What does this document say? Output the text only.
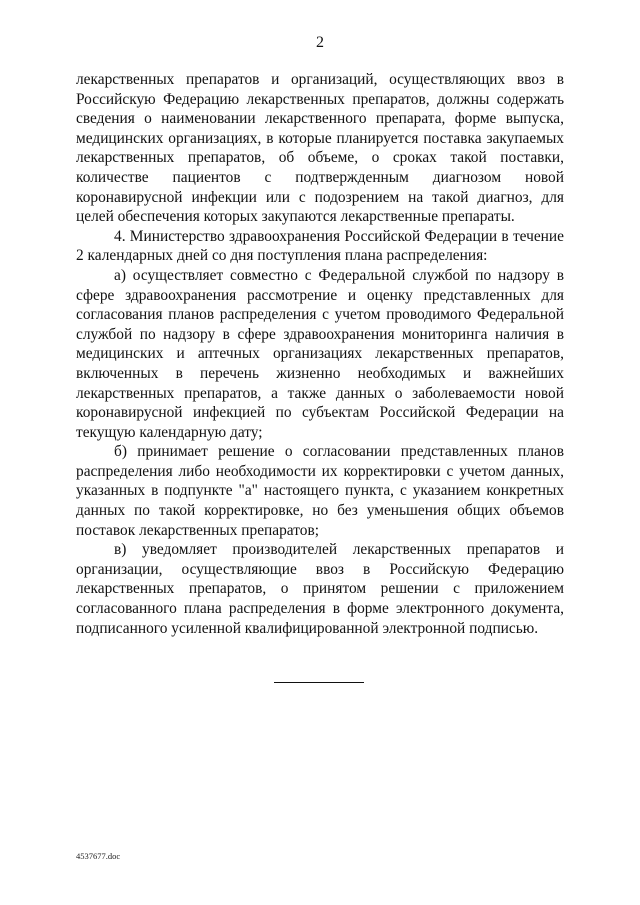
2

лекарственных препаратов и организаций, осуществляющих ввоз в Российскую Федерацию лекарственных препаратов, должны содержать сведения о наименовании лекарственного препарата, форме выпуска, медицинских организациях, в которые планируется поставка закупаемых лекарственных препаратов, об объеме, о сроках такой поставки, количестве пациентов с подтвержденным диагнозом новой коронавирусной инфекции или с подозрением на такой диагноз, для целей обеспечения которых закупаются лекарственные препараты.

4. Министерство здравоохранения Российской Федерации в течение 2 календарных дней со дня поступления плана распределения:

а) осуществляет совместно с Федеральной службой по надзору в сфере здравоохранения рассмотрение и оценку представленных для согласования планов распределения с учетом проводимого Федеральной службой по надзору в сфере здравоохранения мониторинга наличия в медицинских и аптечных организациях лекарственных препаратов, включенных в перечень жизненно необходимых и важнейших лекарственных препаратов, а также данных о заболеваемости новой коронавирусной инфекцией по субъектам Российской Федерации на текущую календарную дату;

б) принимает решение о согласовании представленных планов распределения либо необходимости их корректировки с учетом данных, указанных в подпункте "а" настоящего пункта, с указанием конкретных данных по такой корректировке, но без уменьшения общих объемов поставок лекарственных препаратов;

в) уведомляет производителей лекарственных препаратов и организации, осуществляющие ввоз в Российскую Федерацию лекарственных препаратов, о принятом решении с приложением согласованного плана распределения в форме электронного документа, подписанного усиленной квалифицированной электронной подписью.

4537677.doc
